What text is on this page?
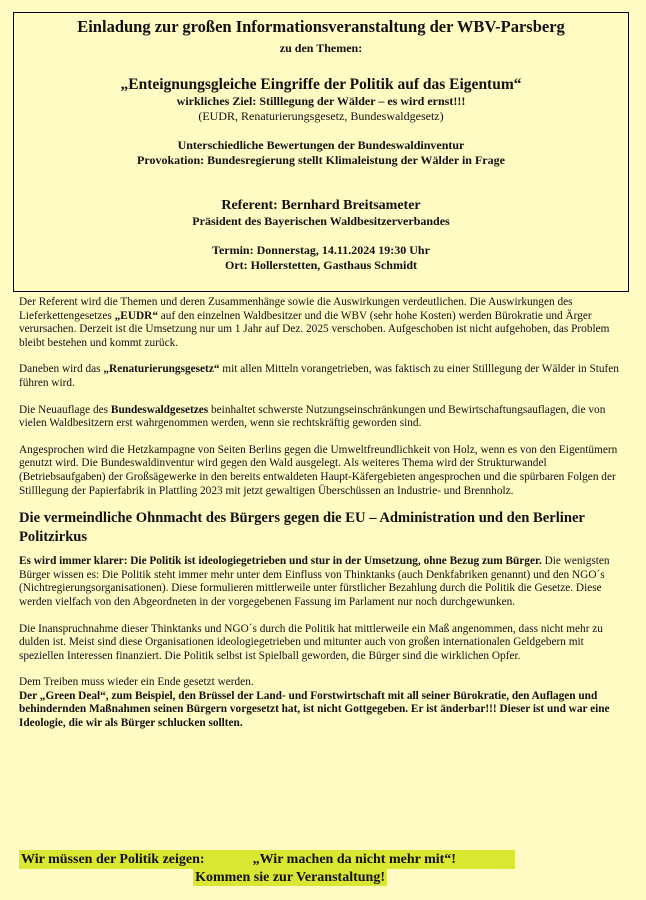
Einladung zur großen Informationsveranstaltung der WBV-Parsberg

zu den Themen:

„Enteignungsgleiche Eingriffe der Politik auf das Eigentum“

wirkliches Ziel: Stilllegung der Wälder – es wird ernst!!!

(EUDR, Renaturierungsgesetz, Bundeswaldgesetz)

Unterschiedliche Bewertungen der Bundeswaldinventur

Provokation: Bundesregierung stellt Klimaleistung der Wälder in Frage

Referent: Bernhard Breitsameter

Präsident des Bayerischen Waldbesitzerverbandes

Termin: Donnerstag, 14.11.2024 19:30 Uhr

Ort: Hollerstetten, Gasthaus Schmidt

Der Referent wird die Themen und deren Zusammenhänge sowie die Auswirkungen verdeutlichen. Die Auswirkungen des Lieferkettengesetzes „EUDR“ auf den einzelnen Waldbesitzer und die WBV (sehr hohe Kosten) werden Bürokratie und Ärger verursachen. Derzeit ist die Umsetzung nur um 1 Jahr auf Dez. 2025 verschoben. Aufgeschoben ist nicht aufgehoben, das Problem bleibt bestehen und kommt zurück.

Daneben wird das „Renaturierungsgesetz“ mit allen Mitteln vorangetrieben, was faktisch zu einer Stilllegung der Wälder in Stufen führen wird.

Die Neuauflage des Bundeswaldgesetzes beinhaltet schwerste Nutzungseinschränkungen und Bewirtschaftungsauflagen, die von vielen Waldbesitzern erst wahrgenommen werden, wenn sie rechtskräftig geworden sind.

Angesprochen wird die Hetzkampagne von Seiten Berlins gegen die Umweltfreundlichkeit von Holz, wenn es von den Eigentümern genutzt wird. Die Bundeswaldinventur wird gegen den Wald ausgelegt. Als weiteres Thema wird der Strukturwandel (Betriebsaufgaben) der Großsägewerke in den bereits entwaldeten Haupt-Käfergebieten angesprochen und die spürbaren Folgen der Stilllegung der Papierfabrik in Plattling 2023 mit jetzt gewaltigen Überschüssen an Industrie- und Brennholz.

Die vermeindliche Ohnmacht des Bürgers gegen die EU – Administration und den Berliner Politzirkus

Es wird immer klarer: Die Politik ist ideologiegetrieben und stur in der Umsetzung, ohne Bezug zum Bürger. Die wenigsten Bürger wissen es: Die Politik steht immer mehr unter dem Einfluss von Thinktanks (auch Denkfabriken genannt) und den NGO´s (Nichtregierungsorganisationen). Diese formulieren mittlerweile unter fürstlicher Bezahlung durch die Politik die Gesetze. Diese werden vielfach von den Abgeordneten in der vorgegebenen Fassung im Parlament nur noch durchgewunken.

Die Inanspruchnahme dieser Thinktanks und NGO´s durch die Politik hat mittlerweile ein Maß angenommen, dass nicht mehr zu dulden ist. Meist sind diese Organisationen ideologiegetrieben und mitunter auch von großen internationalen Geldgebern mit speziellen Interessen finanziert. Die Politik selbst ist Spielball geworden, die Bürger sind die wirklichen Opfer.

Dem Treiben muss wieder ein Ende gesetzt werden.

Der „Green Deal“, zum Beispiel, den Brüssel der Land- und Forstwirtschaft mit all seiner Bürokratie, den Auflagen und behindernden Maßnahmen seinen Bürgern vorgesetzt hat, ist nicht Gottgegeben. Er ist änderbar!!! Dieser ist und war eine Ideologie, die wir als Bürger schlucken sollten.

Wir müssen der Politik zeigen:	„Wir machen da nicht mehr mit“!
Kommen sie zur Veranstaltung!
